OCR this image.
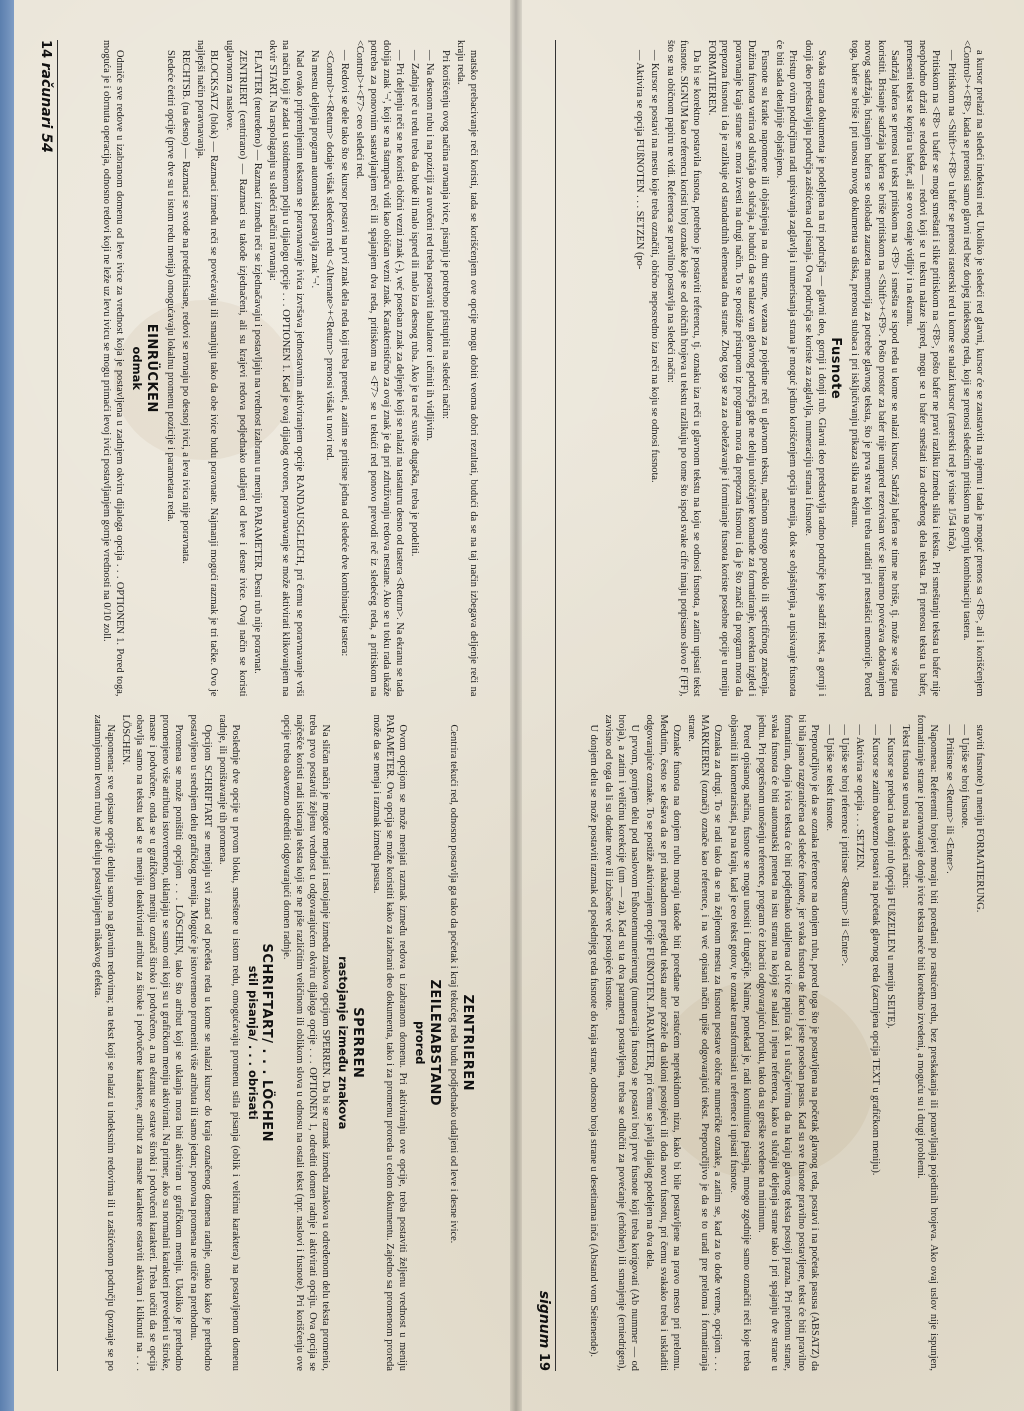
matsko prebacivanje reči koristi, tada se korišćenjem ove opcije mogu dobiti veoma dobri rezultati, budući da se na taj način izbegava deljenje reči na kraju reda.

Pri korišćenju ovog načina ravnanja ivice, pisanju je potrebno pristupiti na sledeći način:

— Na desnom rubu i na poziciji za uvučeni red treba postaviti tabulatore i učiniti ih vidljivim.

— Zadnja reč u redu treba da bude ili malo ispred ili malo iza desnog ruba. Ako je ta reč suviše dugačka, treba je podeliti.

— Pri deljenju reči se ne koristi obični vezni znak (-), već poseban znak za deljenje koji se nalazi na tastaturu desno od tastera <Return>. Na ekranu se tada dobija znak '¬', koji se na štampaču vidi kao običan vezni znak. Karakteristično za ovaj znak je da pri združivanju redova nestane. Ako se u toku rada ukaže potreba za ponovnim sastavljanjem reči ili spajanjem dva reda, pritiskom na <F7> se u tekući red ponovo prevodi reč iz sledećeg reda, a pritiskom na <Control>+<F7> ceo sledeći red.

— Redovi se dele tako što se kursor postavi na prvi znak dela reda koji treba preneti, a zatim se pritisne jedna od sledeće dve kombinacije tastera:

<Control>+<Return> dodaje višak sledećem redu <Alternate>+<Return> prenosi višak u novi red.

Na mestu deljenja program automatski postavlja znak '¬'.

Nad ovako pripremljenim tekstom se poravnavanje ivica izvršava jednostavnim aktiviranjem opcije RANDAUSGLEICH, pri čemu se poravnavanje vrši na način koji je zadat u stoidmenom polju u dijalogu opcije . . . OPTIONEN 1. Kad je ovaj dijalog otvoren, poravnavanje se može aktivirati klikovanjem na okvir START. Na raspolaganju su sledeći načini ravnanja:

FLATTER (neuredeno) — Razmaci između reči se izjednačavaju i postavljaju na vrednost izabranu u meniju PARAMETER. Desni rub nije poravnat.

ZENTRIERT (centrirano) — Razmaci su takođe izjednačeni, ali su krajevi redova podjednako udaljeni od leve i desne ivice. Ovaj način se koristi uglavnom za naslove.

BLOCKSATZ (blok) — Razmaci između reči se povećavaju ili smanjuju tako da obe ivice budu poravnate. Najmanji mogući razmak je tri tačke. Ovo je najlepši način poravnavanja.

RECHTSB. (na desno) — Razmaci se svode na predefinisane, redovi se ravnaju po desnoj ivici, a leva ivica nije poravnata.

Sledeće četiri opcije (prve dve su u istom redu menija) omogućavaju lokalnu promenu pozicije i parametara reda.

EINRÜCKEN
odmak

Odmiče sve redove u izabranom domenu od leve ivice za vrednost koja je postavljena u zadnjem okviru dijaloga opcija . . . OPTIONEN 1. Pored toga, moguća je i obrnuta operacija, odnosno redovi koji ne leže uz levu ivicu se mogu primaći levoj ivici postavljanjem gornje vrednosti na 0/10 zoll.

ZENTRIEREN

Centrira tekući red, odnosno postavlja ga tako da početak i kraj tekućeg reda budu podjednako udaljeni od leve i desne ivice.

ZEILENABSTAND
prored

Ovom opcijom se može menjati razmak između redova u izabranom domenu. Pri aktiviranju ove opcije, treba postaviti željenu vrednost u meniju PARAMETER. Ova opcija se može koristiti kako za izabrani deo dokumenta, tako i za promenu proreda u celom dokumentu. Zajedno sa promenom proreda može da se menja i razmak između pasusa.

SPERREN
rastojanje između znakova

Na sličan način je moguće menjati i rastojanje između znakova opcijom SPERREN. Da bi se razmak između znakova u određenom delu teksta promenio, treba prvo postaviti željenu vrednost u odgovarajućem okviru dijaloga opcije . . . OPTIONEN 1, odrediti domen radnje i aktivirati opciju. Ova opcija se najčešće koristi radi isticanja teksta koji se ne piše različitim veličinom ili oblikom slova u odnosu na ostali tekst (npr. naslovi i fusnote). Pri korišćenju ove opcije treba obavezno odrediti odgovarajući domen radnje.

SCHRIFTART/ . . . LÖCHEN
stil pisanja/ . . . obrisati

Poslednje dve opcije u prvom bloku, smeštene u istom redu, omogućavaju promenu stila pisanja (oblik i veličinu karaktera) na postavljenom domenu radnje, ili poništavanje tih promena.

Opcijom SCHRIFTART se menjaju svi znaci od početka reda u kome se nalazi kursor do kraja označenog domena radnje, onako kako je prethodno postavljeno u srednjem delu grafičkog menija. Moguće je istovremeno promeniti više atributa ili samo jedan; ponovna promena ne utiče na prethodnu.

Promena se može poništiti opcijom . . . LÖSCHEN, tako što atribut koji se uklanja mora biti aktiviran u grafičkom meniju. Ukoliko je prethodno promenjeno više atributa istovremeno, uklanjaju se samo oni koji su u grafičkom meniju aktivirani. Na primer, ako su normalni karakteri prevedeni u široke, masne i podvučene, onda se u grafičkom meniju označi široko i podvučeno, a na ekranu se ostave široki i podvučeni karakteri. Treba uočiti da se opcija obavlja samo na tekstu kad se u meniju deaktivirati atribut za široke i podvučene karaktere, atribut za masne karaktere ostaviti aktivan i kliknuti na . . . LÖSCHEN.

Napomena: sve opisane opcije deluju samo na glavnim redovima; na tekst koji se nalazi u indeksnim redovima ili u zaštićenom području (poznaje se po zatamnjenom levom rubu) ne deluju postavljanjem nikakvog efekta.

14 računari 54	a kursor prelazi na sledeći indeksni red. Ukoliko je sledeći red glavni, kursor će se zaustaviti na njemu i tada je moguć prenos sa <F8>, ali i korišćenjem <Control>+<F8>, kada se prenosi samo glavni red bez donjeg indeksnog reda, koji se prenosi sledećim pritiskom na gornju kombinaciju tastera.

— Pritiskom na <Shift>+<F8> u bafer se prenosi rasterski red u kome se nalazi kursor (rasterski red je visine 1/54 inča).

Pritiskom na <F8> u bafer se mogu smeštati i slike pritiskom na <F8>, pošto bafer ne pravi razliku između slika i teksta. Pri smeštanju teksta u bafer nije neophodno držati se redosleda — redovi koji se u tekstu nalaze ispred, mogu se u bafer smeštati iza određenog dela teksta. Pri prenosu teksta u bafer, preneseni tekst se kopira u bafer, ali se ovo ostaje vidljiv i na ekranu.

Sadržaj bafera se prenosi u tekst pritiskom na <F9> i smešta se ispod reda u kome se nalazi kursor. Sadržaj bafera se time ne briše, tj. može se više puta koristiti. Brisanje sadržaja bafera se briše pritiskom na <Shift>+<F9>. Pošto prostor za bafer nije unapred rezervisan već se linearno povećava dodavanjem novog sadržaja, brisanjem bafera se oslobađa zauzeta memorija za potrebe glavnog teksta, što je prva stvar koju treba uraditi pri nestašici memorije. Poređ toga, bafer se briše i pri unosu novog dokumenta sa diska, prenosu stubaca i pri isključivanju prikaza slika na ekranu.

Fusnote

Svaka strana dokumenta je podeljena na tri područja — glavni deo, gornji i donji rub. Glavni deo predstavlja radno područje koje sadrži tekst, a gornji i donji deo predstavljaju područja zaštićena od pisanja. Ova područja se koriste za zaglavlja, numeraciju strana i fusnote.

Pristup ovim područjima radi upisivanja zaglavlja i numerisanja strana je moguć jedino korišćenjem opcija menija, dok se objašnjenja, a upisivanje fusnota će biti sada detaljnije objašnjeno.

Fusnote su kratke napomene ili objašnjenja na dnu strane, vezana za pojedine reči u glavnom tekstu, načinom strogo poreklo ili specifičnog značenja. Dužina fusnota varira od slučaja do slučaja, a budući da se nalaze van glavnog područja gde ne deluju uobičajene komande za formatiranje, korektan izgled i poravnanje kraja strane se mora izvesti na drugi način. To se postiže pristupom iz programa mora da prepozna fusnotu i da je što znači da program mora da prepozna fusnotu i da je razlikuje od standardnih elemenata dna strane. Zbog toga se za za obeležavanje i formiranje fusnota koriste posebne opcije u meniju FORMATIEREN.

Da bi se korektno postavila fusnota, potrebno je postaviti referencu, tj. oznaku iza reči u glavnom tekstu na koju se odnosi fusnota, a zatim upisati tekst fusnote. SIGNUM kao referencu koristi broj oznake koje se od običnih brojeva u tekstu razlikuju po tome što ispod svake cifre imaju potpisano slovo F (FF), što se na običnom papiru ne vidi. Referenca se pravilno postavlja na sledeći način:

— Kursor se postavi na mesto koje treba označiti, obično neposredno iza reči na koju se odnosi fusnota.

— Aktivira se opcija FUßNOTEN . . . SETZEN (po-

staviti fusnote) u meniju FORMATIERUNG.

— Upiše se broj fusnote.

— Pritisne se <Return> ili <Enter>.

Napomena: Referentni brojevi moraju biti poređani po rastućem redu, bez preskakanja ili ponavljanja pojedinih brojeva. Ako ovaj uslov nije ispunjen, formatiranje strane i poravnavanje donje ivice teksta neće biti korektno izvedeni, a moguću su i drugi problemi.

Tekst fusnota se unosi na sledeći način:

— Kursor se prebaci na donji rub (opcija FUßZEILEN u meniju SEITE).

— Kursor se zatim obavezno postavi na početak glavnog reda (zacrnjena opcija TEXT u grafičkom meniju).

— Aktivira se opcija . . . SETZEN.

— Upiše se broj reference i pritisne <Return> ili <Enter>.

— Upiše se tekst fusnote.

Preporučljivo je da se oznaka reference na donjem rubu, pored toga što je postavljena na početak glavnog reda, postavi i na početak pasusa (ABSATZ) da bi bila jasno razgraničena od sledeće fusnote, jer svaka fusnota de facto i jeste poseban pasus. Kad su sve fusnote pravilno postavljene, tekst će biti pravilno formatiran, donja ivica teksta će biti podjednako udaljena od ivice papira čak i u slučajevima da na kraju glavnog teksta postoji prazna. Pri prelomu strane, svaka fusnota će biti automatski preneta na istu stranu na kojoj se nalazi i njena referenca, kako u slučaju deljenja strane tako i pri spajanju dve strane u jednu. Pri pogrešnom unošenju reference, program će izbaciti odgovarajuću poruku, tako da su greške svedene na minimum.

Pored opisanog načina, fusnote se mogu unositi i drugačije. Naime, ponekad je, radi kontinuiteta pisanja, mnogo zgodnije samo označiti reči koje treba objasniti ili komentarisati, pa na kraju, kad je ceo tekst gotov, te oznake transformisati u reference i upisati fusnote.

Oznaka za drugi. To se radi tako da se na željenom mestu za fusnotu postave obične numeričke oznake, a zatim se, kad za to dođe vreme, opcijom . . . MARKIEREN (označi) označe kao reference, i na već opisani način upiše odgovarajući tekst. Preporučljivo je da se to uradi pre preloma i formatiranja strane.

Oznake fusnota na donjem rubu moraju takođe biti poređane po rastućem neprekidnom nizu, kako bi bile postavljene na pravo mesto pri prelomu. Međutim, često se dešava da se pri naknadnom pregledu teksta autor požele da ukloni postojeću ili doda novu fusnotu, pri čemu svakako treba i uskladiti odgovarajuće oznake. To se postiže aktiviranjem opcije FUßNOTEN..PARAMETER, pri čemu se javlja dijalog podeljen na dva dela.

U prvom, gornjem delu pod naslovom Fußnotennumerierung (numeracija fusnota) se postavi broj prve fusnote koji treba korigovati (Ab nummer — od broja), a zatim i veličinu korekcije (um — za). Kad su ta dva parametra postavljena, treba se odlučiti za povećanje (erhöhen) ili smanjenje (erniedrigen), zavisno od toga da li su dodate nove ili izbačene već postojeće fusnote.

U donjem delu se može postaviti razmak od poslednjeg reda fusnote do kraja strane, odnosno broja strane u desetinama inča (Abstand vom Seitenende).

signum 19
